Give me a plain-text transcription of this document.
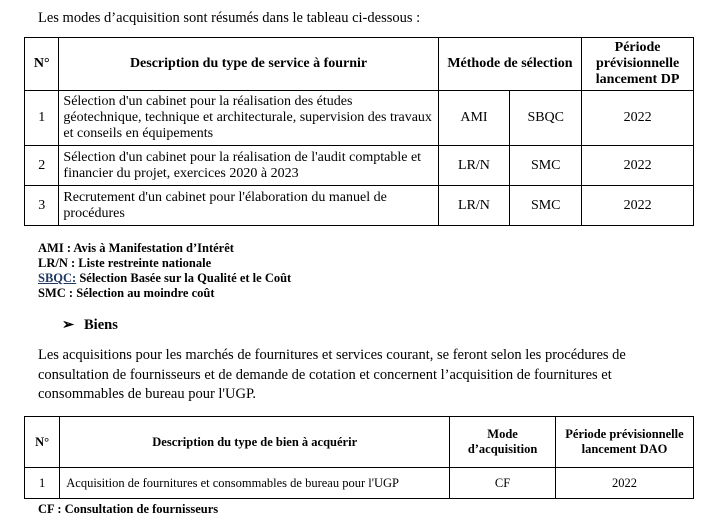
Les modes d’acquisition sont résumés dans le tableau ci-dessous :

N°	Description du type de service à fournir	Méthode de sélection		Période prévisionnelle lancement DP
1	Sélection d'un cabinet pour la réalisation des études géotechnique, technique et architecturale, supervision des travaux et conseils en équipements	AMI	SBQC	2022
2	Sélection d'un cabinet pour la réalisation de l'audit comptable et financier du projet, exercices 2020 à 2023	LR/N	SMC	2022
3	Recrutement d'un cabinet pour l'élaboration du manuel de procédures	LR/N	SMC	2022
AMI : Avis à Manifestation d’Intérêt
LR/N : Liste restreinte nationale
SBQC: Sélection Basée sur la Qualité et le Coût
SMC : Sélection au moindre coût
➢ Biens

Les acquisitions pour les marchés de fournitures et services courant, se feront selon les procédures de consultation de fournisseurs et de demande de cotation et concernent l’acquisition de fournitures et consommables de bureau pour l'UGP.

N°	Description du type de bien à acquérir	Mode d’acquisition	Période prévisionnelle lancement DAO
1	Acquisition de fournitures et consommables de bureau pour l'UGP	CF	2022
CF : Consultation de fournisseurs
